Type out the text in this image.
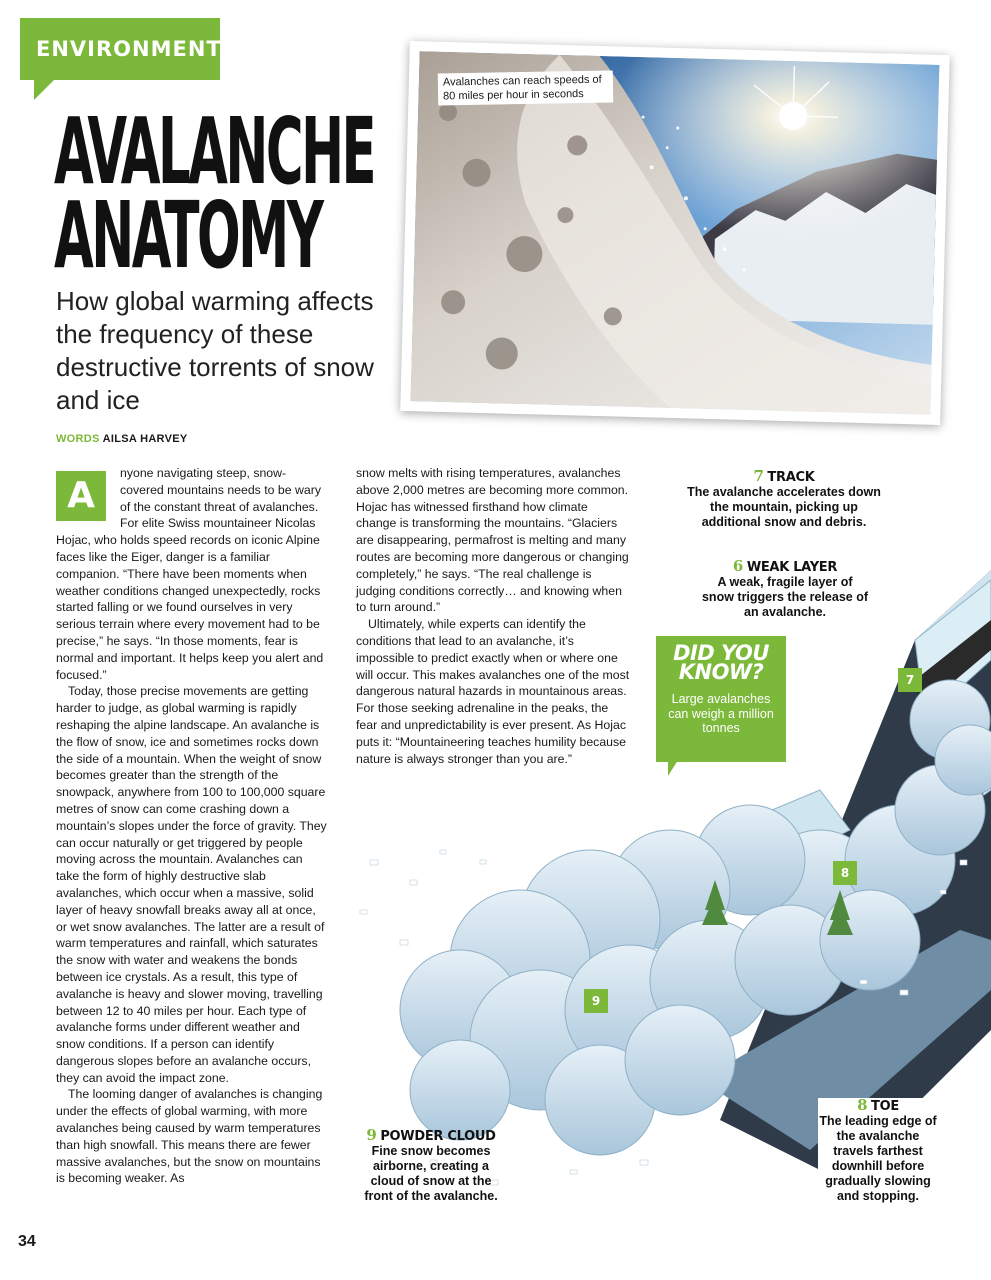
ENVIRONMENT
AVALANCHE
ANATOMY
How global warming affects the frequency of these destructive torrents of snow and ice
WORDS AILSA HARVEY
Avalanches can reach speeds of 80 miles per hour in seconds
A

nyone navigating steep, snow-covered mountains needs to be wary of the constant threat of avalanches. For elite Swiss mountaineer Nicolas Hojac, who holds speed records on iconic Alpine faces like the Eiger, danger is a familiar companion. “There have been moments when weather conditions changed unexpectedly, rocks started falling or we found ourselves in very serious terrain where every movement had to be precise,” he says. “In those moments, fear is normal and important. It helps keep you alert and focused.”

Today, those precise movements are getting harder to judge, as global warming is rapidly reshaping the alpine landscape. An avalanche is the flow of snow, ice and sometimes rocks down the side of a mountain. When the weight of snow becomes greater than the strength of the snowpack, anywhere from 100 to 100,000 square metres of snow can come crashing down a mountain’s slopes under the force of gravity. They can occur naturally or get triggered by people moving across the mountain. Avalanches can take the form of highly destructive slab avalanches, which occur when a massive, solid layer of heavy snowfall breaks away all at once, or wet snow avalanches. The latter are a result of warm temperatures and rainfall, which saturates the snow with water and weakens the bonds between ice crystals. As a result, this type of avalanche is heavy and slower moving, travelling between 12 to 40 miles per hour. Each type of avalanche forms under different weather and snow conditions. If a person can identify dangerous slopes before an avalanche occurs, they can avoid the impact zone.

The looming danger of avalanches is changing under the effects of global warming, with more avalanches being caused by warm temperatures than high snowfall. This means there are fewer massive avalanches, but the snow on mountains is becoming weaker. As

snow melts with rising temperatures, avalanches above 2,000 metres are becoming more common. Hojac has witnessed firsthand how climate change is transforming the mountains. “Glaciers are disappearing, permafrost is melting and many routes are becoming more dangerous or changing completely,” he says. “The real challenge is judging conditions correctly… and knowing when to turn around.”

Ultimately, while experts can identify the conditions that lead to an avalanche, it’s impossible to predict exactly when or where one will occur. This makes avalanches one of the most dangerous natural hazards in mountainous areas. For those seeking adrenaline in the peaks, the fear and unpredictability is ever present. As Hojac puts it: “Mountaineering teaches humility because nature is always stronger than you are.”

7
8
9
7 TRACK
The avalanche accelerates down the mountain, picking up additional snow and debris.
6 WEAK LAYER
A weak, fragile layer of snow triggers the release of an avalanche.
8 TOE
The leading edge of the avalanche travels farthest downhill before gradually slowing and stopping.
9 POWDER CLOUD
Fine snow becomes airborne, creating a cloud of snow at the front of the avalanche.
DID YOU
KNOW?
Large avalanches can weigh a million tonnes
34
